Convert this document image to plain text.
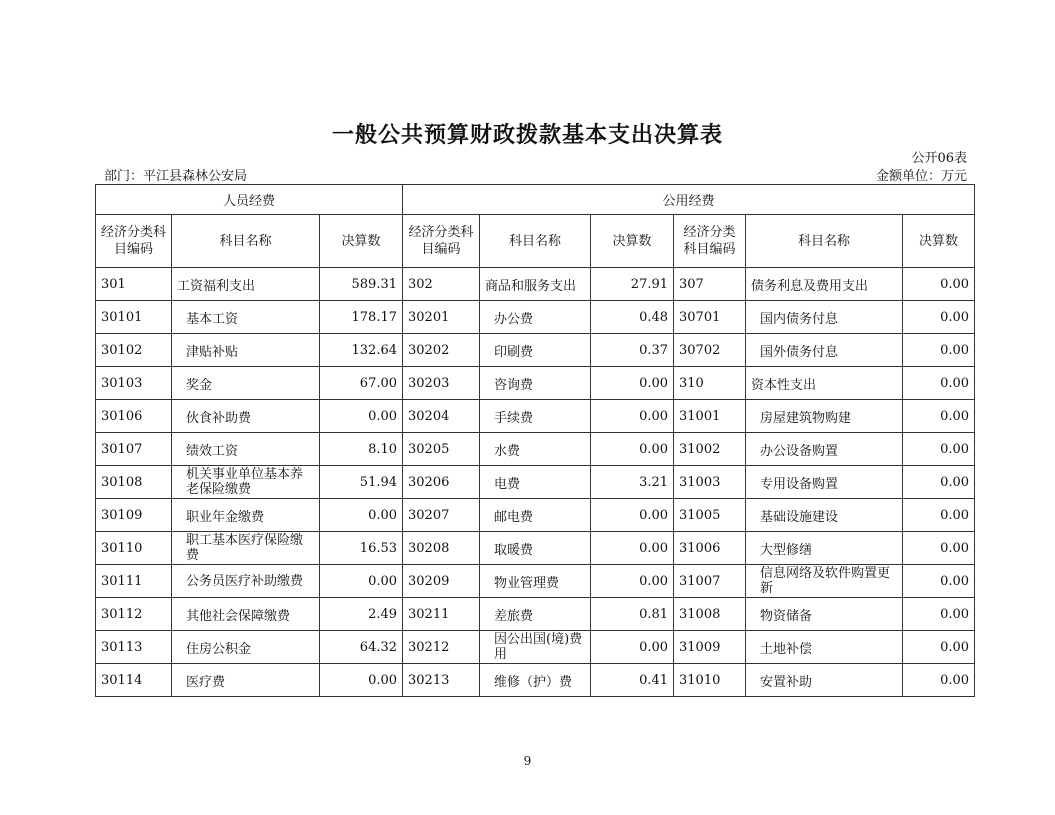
一般公共预算财政拨款基本支出决算表
公开06表
部门：平江县森林公安局	金额单位：万元
人员经费			公用经费					
经济分类科目编码	科目名称	决算数	经济分类科目编码	科目名称	决算数	经济分类科目编码	科目名称	决算数
301	工资福利支出	589.31	302	商品和服务支出	27.91	307	债务利息及费用支出	0.00
30101	基本工资	178.17	30201	办公费	0.48	30701	国内债务付息	0.00
30102	津贴补贴	132.64	30202	印刷费	0.37	30702	国外债务付息	0.00
30103	奖金	67.00	30203	咨询费	0.00	310	资本性支出	0.00
30106	伙食补助费	0.00	30204	手续费	0.00	31001	房屋建筑物购建	0.00
30107	绩效工资	8.10	30205	水费	0.00	31002	办公设备购置	0.00
30108	机关事业单位基本养老保险缴费	51.94	30206	电费	3.21	31003	专用设备购置	0.00
30109	职业年金缴费	0.00	30207	邮电费	0.00	31005	基础设施建设	0.00
30110	职工基本医疗保险缴费	16.53	30208	取暖费	0.00	31006	大型修缮	0.00
30111	公务员医疗补助缴费	0.00	30209	物业管理费	0.00	31007	信息网络及软件购置更新	0.00
30112	其他社会保障缴费	2.49	30211	差旅费	0.81	31008	物资储备	0.00
30113	住房公积金	64.32	30212	因公出国(境)费用	0.00	31009	土地补偿	0.00
30114	医疗费	0.00	30213	维修（护）费	0.41	31010	安置补助	0.00
9
